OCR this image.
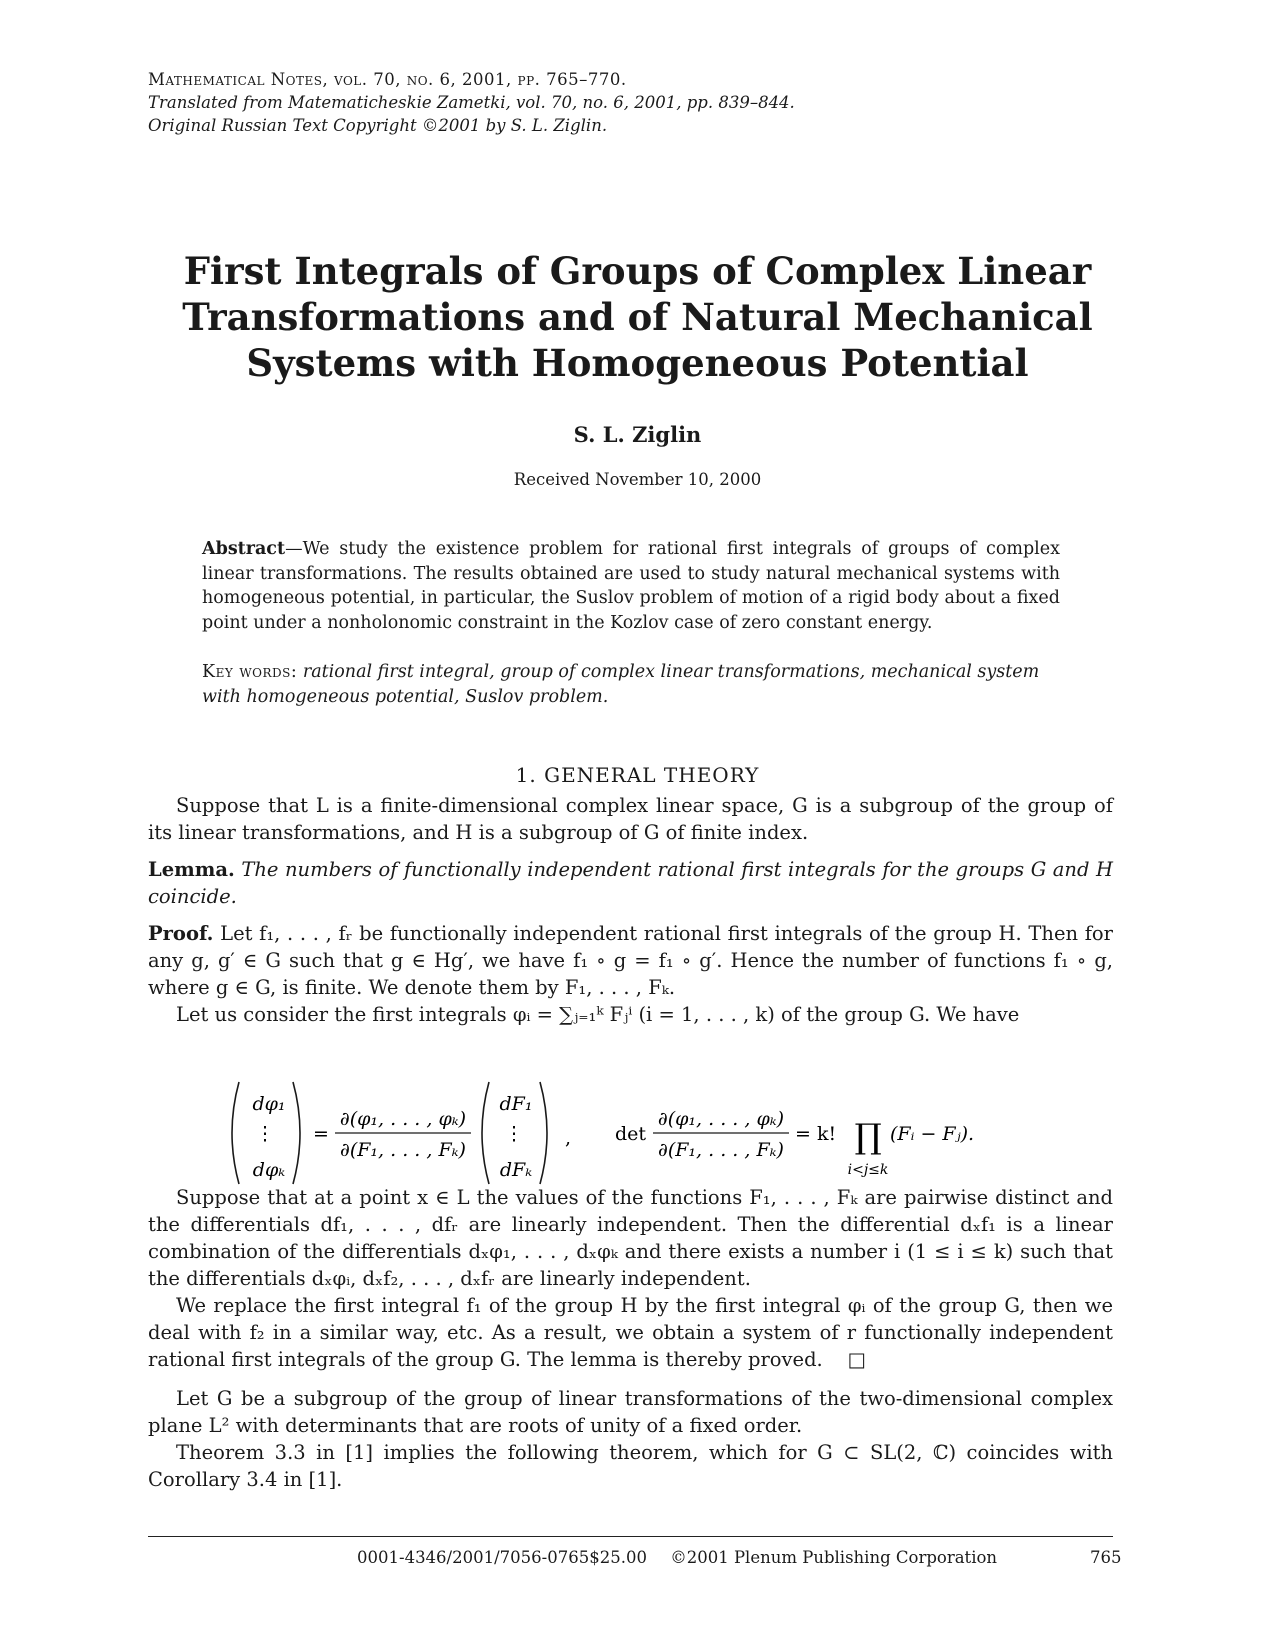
Mathematical Notes, vol. 70, no. 6, 2001, pp. 765–770.
Translated from Matematicheskie Zametki, vol. 70, no. 6, 2001, pp. 839–844.
Original Russian Text Copyright ©2001 by S. L. Ziglin.
First Integrals of Groups of Complex Linear
Transformations and of Natural Mechanical
Systems with Homogeneous Potential
S. L. Ziglin
Received November 10, 2000
Abstract—We study the existence problem for rational first integrals of groups of complex linear transformations. The results obtained are used to study natural mechanical systems with homogeneous potential, in particular, the Suslov problem of motion of a rigid body about a fixed point under a nonholonomic constraint in the Kozlov case of zero constant energy.
Key words: rational first integral, group of complex linear transformations, mechanical system with homogeneous potential, Suslov problem.
1. GENERAL THEORY

Suppose that L is a finite-dimensional complex linear space, G is a subgroup of the group of its linear transformations, and H is a subgroup of G of finite index.

Lemma. The numbers of functionally independent rational first integrals for the groups G and H coincide.

Proof. Let f₁, . . . , fᵣ be functionally independent rational first integrals of the group H. Then for any g, g′ ∈ G such that g ∈ Hg′, we have f₁ ∘ g = f₁ ∘ g′. Hence the number of functions f₁ ∘ g, where g ∈ G, is finite. We denote them by F₁, . . . , Fₖ.

Let us consider the first integrals φᵢ = ∑ⱼ₌₁ᵏ Fⱼⁱ (i = 1, . . . , k) of the group G. We have

dφ₁
⋮
dφₖ
=
∂(φ₁, . . . , φₖ)
∂(F₁, . . . , Fₖ)
dF₁
⋮
dFₖ
, det
∂(φ₁, . . . , φₖ)
∂(F₁, . . . , Fₖ)
= k! ∏
i<j≤k
(Fᵢ − Fⱼ).

Suppose that at a point x ∈ L the values of the functions F₁, . . . , Fₖ are pairwise distinct and the differentials df₁, . . . , dfᵣ are linearly independent. Then the differential dₓf₁ is a linear combination of the differentials dₓφ₁, . . . , dₓφₖ and there exists a number i (1 ≤ i ≤ k) such that the differentials dₓφᵢ, dₓf₂, . . . , dₓfᵣ are linearly independent.

We replace the first integral f₁ of the group H by the first integral φᵢ of the group G, then we deal with f₂ in a similar way, etc. As a result, we obtain a system of r functionally independent rational first integrals of the group G. The lemma is thereby proved. □

Let G be a subgroup of the group of linear transformations of the two-dimensional complex plane L² with determinants that are roots of unity of a fixed order.

Theorem 3.3 in [1] implies the following theorem, which for G ⊂ SL(2, ℂ) coincides with Corollary 3.4 in [1].

0001-4346/2001/7056-0765$25.00 ©2001 Plenum Publishing Corporation	765
